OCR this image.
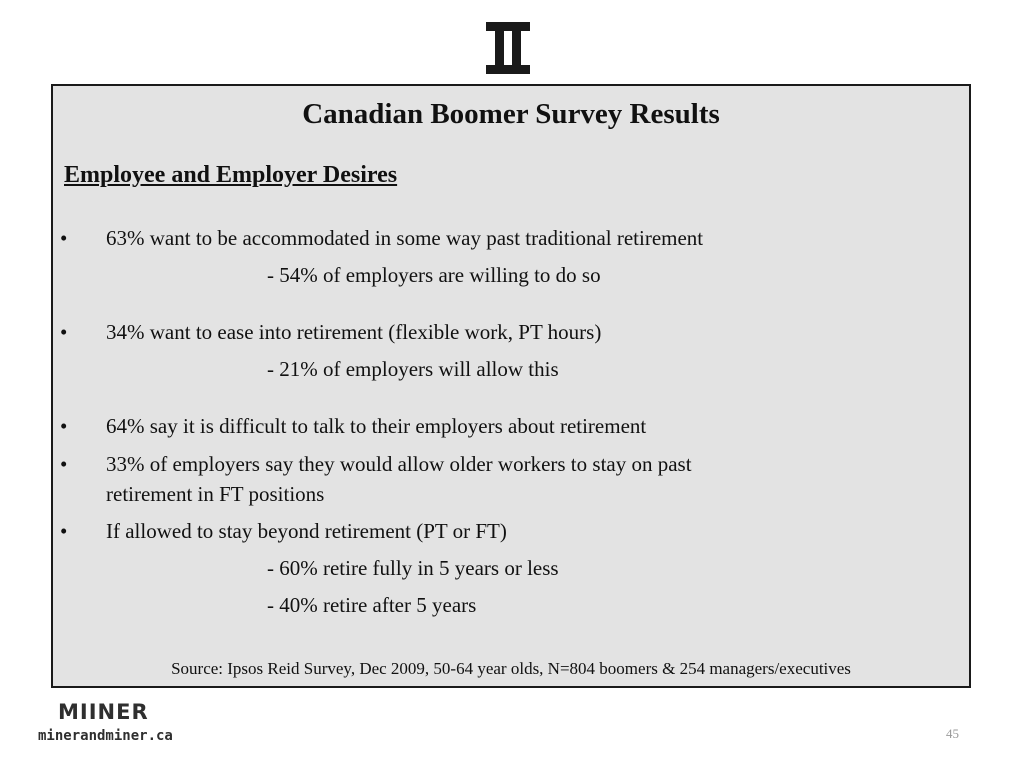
Canadian Boomer Survey Results
Employee and Employer Desires
• 63% want to be accommodated in some way past traditional retirement
- 54% of employers are willing to do so
• 34% want to ease into retirement (flexible work, PT hours)
- 21% of employers will allow this
• 64% say it is difficult to talk to their employers about retirement
• 33% of employers say they would allow older workers to stay on past
retirement in FT positions
• If allowed to stay beyond retirement (PT or FT)
- 60% retire fully in 5 years or less
- 40% retire after 5 years
Source: Ipsos Reid Survey, Dec 2009, 50-64 year olds, N=804 boomers & 254 managers/executives
MIINER
minerandminer.ca	45
